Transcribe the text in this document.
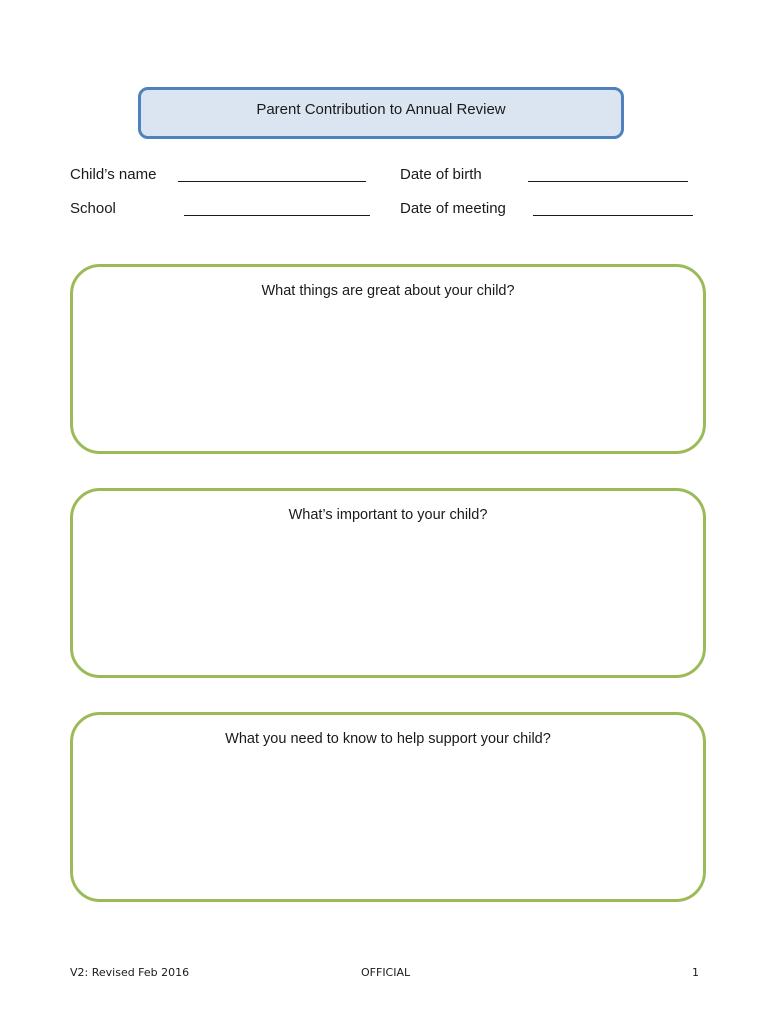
Parent Contribution to Annual Review
Child’s name	Date of birth
School	Date of meeting
What things are great about your child?
What’s important to your child?
What you need to know to help support your child?
V2: Revised Feb 2016	OFFICIAL	1
